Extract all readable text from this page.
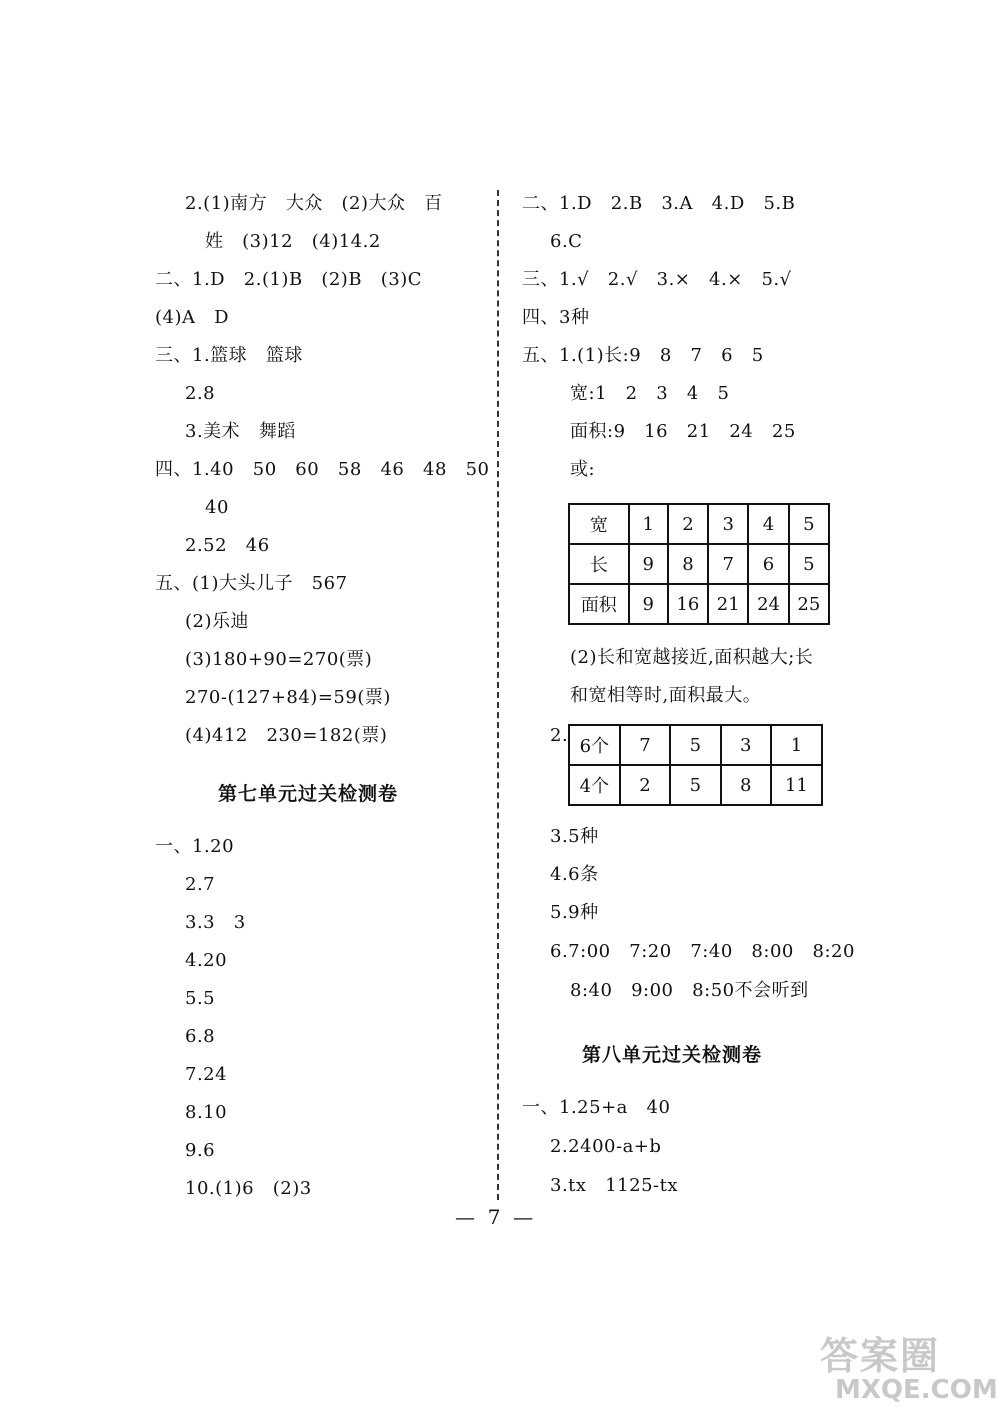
2.(1)南方   大众   (2)大众   百
姓   (3)12   (4)14.2
二、1.D   2.(1)B   (2)B   (3)C
(4)A   D
三、1.篮球   篮球
2.8
3.美术   舞蹈
四、1.40   50   60   58   46   48   50
40
2.52   46
五、(1)大头儿子   567
(2)乐迪
(3)180+90=270(票)
270-(127+84)=59(票)
(4)412   230=182(票)
第七单元过关检测卷
一、1.20
2.7
3.3   3
4.20
5.5
6.8
7.24
8.10
9.6
10.(1)6   (2)3
二、1.D   2.B   3.A   4.D   5.B
6.C
三、1.√   2.√   3.×   4.×   5.√
四、3种
五、1.(1)长:9   8   7   6   5
宽:1   2   3   4   5
面积:9   16   21   24   25
或:
宽	1	2	3	4	5
长	9	8	7	6	5
面积	9	16	21	24	25
(2)长和宽越接近,面积越大;长
和宽相等时,面积最大。
2.
6个	7	5	3	1
4个	2	5	8	11
3.5种
4.6条
5.9种
6.7:00   7:20   7:40   8:00   8:20
8:40   9:00   8:50不会听到
第八单元过关检测卷
一、1.25+a   40
2.2400-a+b
3.tx   1125-tx
—  7  —
答案圈
MXQE.COM
